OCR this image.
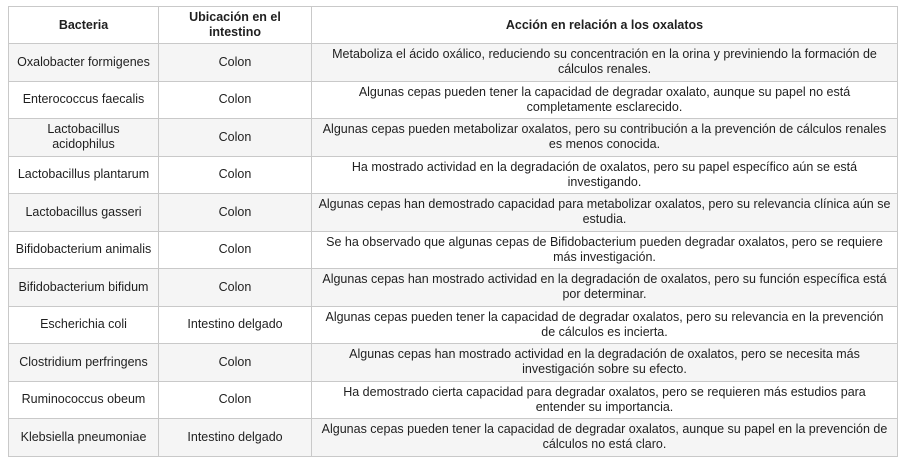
Bacteria	Ubicación en el intestino	Acción en relación a los oxalatos
Oxalobacter formigenes	Colon	Metaboliza el ácido oxálico, reduciendo su concentración en la orina y previniendo la formación de cálculos renales.
Enterococcus faecalis	Colon	Algunas cepas pueden tener la capacidad de degradar oxalato, aunque su papel no está completamente esclarecido.
Lactobacillus acidophilus	Colon	Algunas cepas pueden metabolizar oxalatos, pero su contribución a la prevención de cálculos renales es menos conocida.
Lactobacillus plantarum	Colon	Ha mostrado actividad en la degradación de oxalatos, pero su papel específico aún se está investigando.
Lactobacillus gasseri	Colon	Algunas cepas han demostrado capacidad para metabolizar oxalatos, pero su relevancia clínica aún se estudia.
Bifidobacterium animalis	Colon	Se ha observado que algunas cepas de Bifidobacterium pueden degradar oxalatos, pero se requiere más investigación.
Bifidobacterium bifidum	Colon	Algunas cepas han mostrado actividad en la degradación de oxalatos, pero su función específica está por determinar.
Escherichia coli	Intestino delgado	Algunas cepas pueden tener la capacidad de degradar oxalatos, pero su relevancia en la prevención de cálculos es incierta.
Clostridium perfringens	Colon	Algunas cepas han mostrado actividad en la degradación de oxalatos, pero se necesita más investigación sobre su efecto.
Ruminococcus obeum	Colon	Ha demostrado cierta capacidad para degradar oxalatos, pero se requieren más estudios para entender su importancia.
Klebsiella pneumoniae	Intestino delgado	Algunas cepas pueden tener la capacidad de degradar oxalatos, aunque su papel en la prevención de cálculos no está claro.
